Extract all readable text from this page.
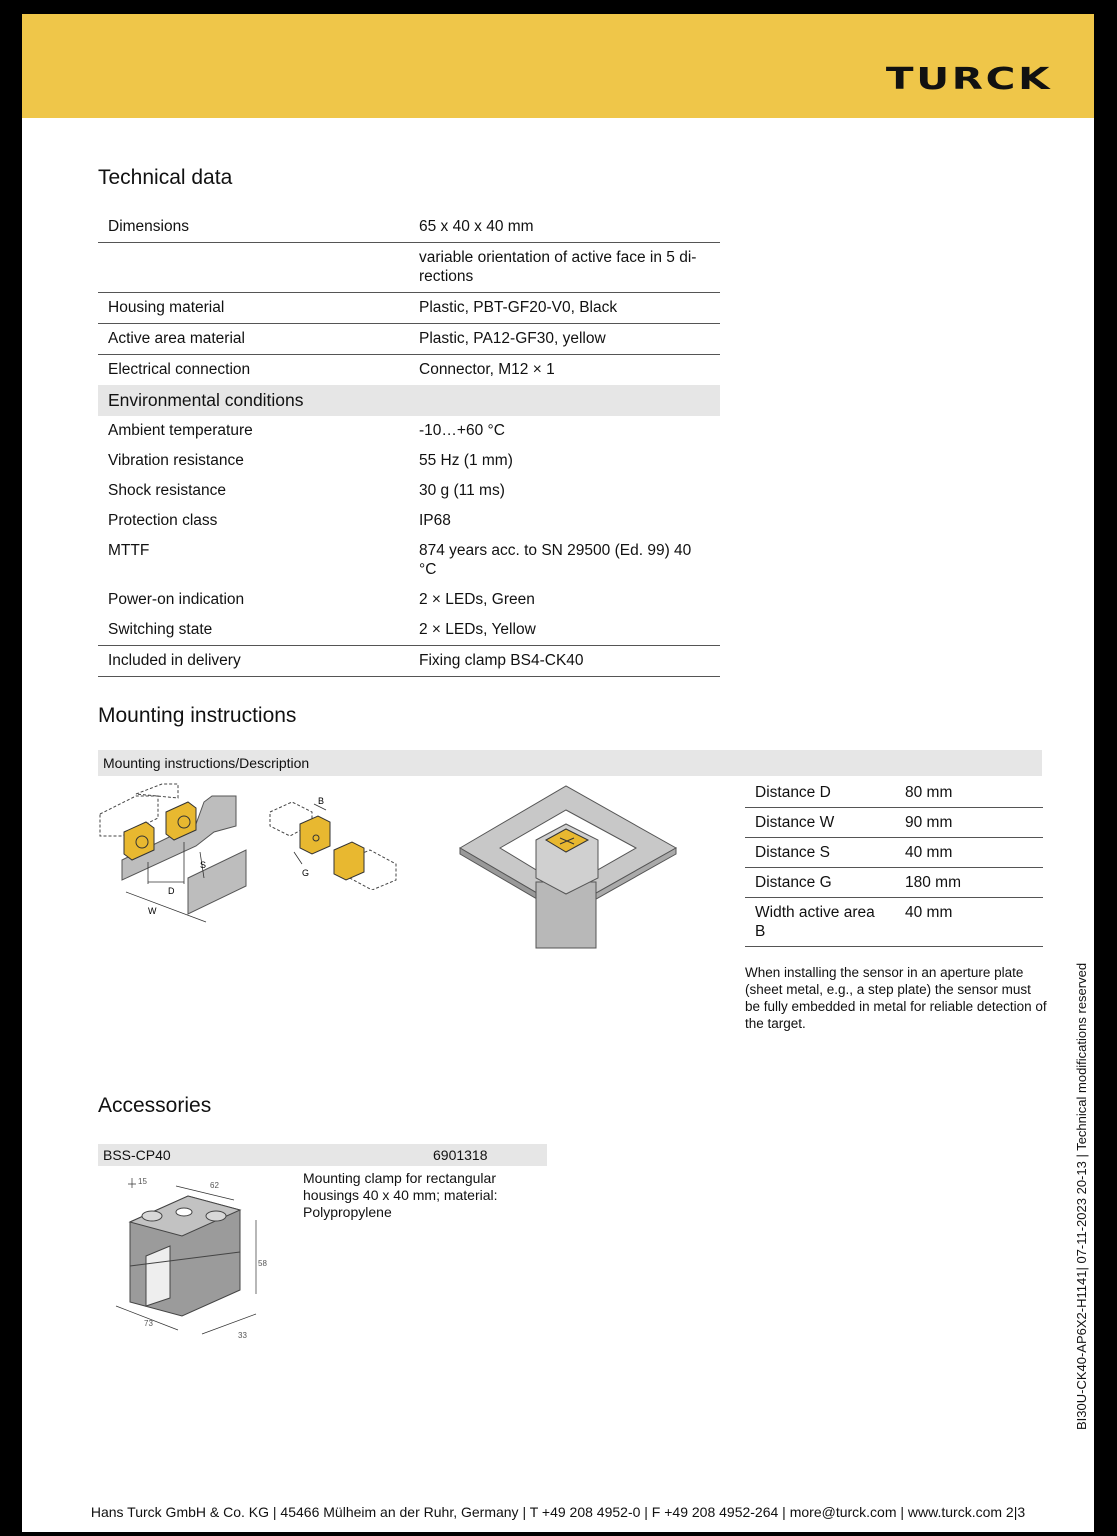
TURCK
Technical data
Dimensions	65 x 40 x 40 mm
	variable orientation of active face in 5 di-
rections
Housing material	Plastic, PBT-GF20-V0, Black
Active area material	Plastic, PA12-GF30, yellow
Electrical connection	Connector, M12 × 1
Environmental conditions	
Ambient temperature	-10…+60 °C
Vibration resistance	55 Hz (1 mm)
Shock resistance	30 g (11 ms)
Protection class	IP68
MTTF	874 years acc. to SN 29500 (Ed. 99) 40
°C
Power-on indication	2 × LEDs, Green
Switching state	2 × LEDs, Yellow
Included in delivery	Fixing clamp BS4-CK40
Mounting instructions
Mounting instructions/Description
D
W
S
B
G
Distance D	80 mm
Distance W	90 mm
Distance S	40 mm
Distance G	180 mm
Width active area
B	40 mm
When installing the sensor in an aperture plate (sheet metal, e.g., a step plate) the sensor must be fully embedded in metal for reliable detection of the target.
Accessories
BSS-CP40	6901318
Mounting clamp for rectangular housings 40 x 40 mm; material: Polypropylene
15	62
58
73
33
Hans Turck GmbH & Co. KG | 45466 Mülheim an der Ruhr, Germany | T +49 208 4952-0 | F +49 208 4952-264 | more@turck.com | www.turck.com 2|3
BI30U-CK40-AP6X2-H1141| 07-11-2023 20-13 | Technical modifications reserved
